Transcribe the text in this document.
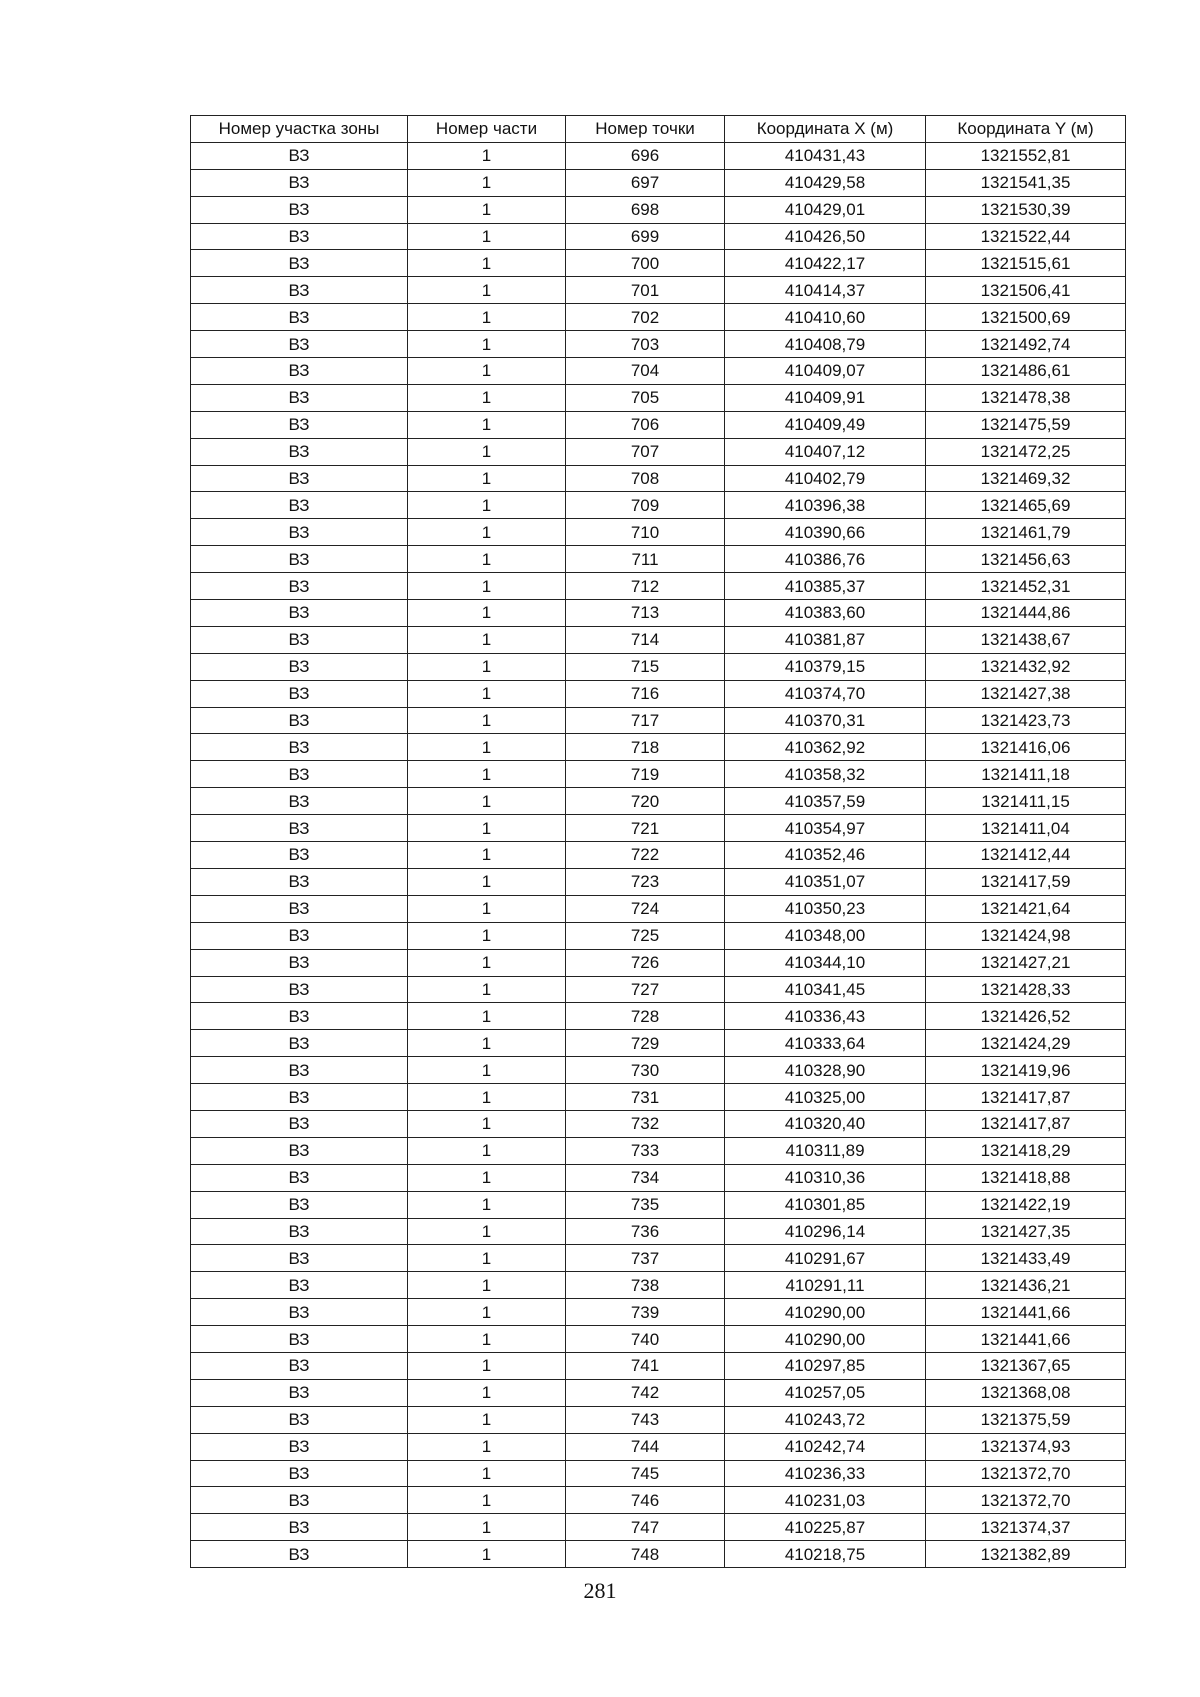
Номер участка зоны	Номер части	Номер точки	Координата X (м)	Координата Y (м)
ВЗ	1	696	410431,43	1321552,81
ВЗ	1	697	410429,58	1321541,35
ВЗ	1	698	410429,01	1321530,39
ВЗ	1	699	410426,50	1321522,44
ВЗ	1	700	410422,17	1321515,61
ВЗ	1	701	410414,37	1321506,41
ВЗ	1	702	410410,60	1321500,69
ВЗ	1	703	410408,79	1321492,74
ВЗ	1	704	410409,07	1321486,61
ВЗ	1	705	410409,91	1321478,38
ВЗ	1	706	410409,49	1321475,59
ВЗ	1	707	410407,12	1321472,25
ВЗ	1	708	410402,79	1321469,32
ВЗ	1	709	410396,38	1321465,69
ВЗ	1	710	410390,66	1321461,79
ВЗ	1	711	410386,76	1321456,63
ВЗ	1	712	410385,37	1321452,31
ВЗ	1	713	410383,60	1321444,86
ВЗ	1	714	410381,87	1321438,67
ВЗ	1	715	410379,15	1321432,92
ВЗ	1	716	410374,70	1321427,38
ВЗ	1	717	410370,31	1321423,73
ВЗ	1	718	410362,92	1321416,06
ВЗ	1	719	410358,32	1321411,18
ВЗ	1	720	410357,59	1321411,15
ВЗ	1	721	410354,97	1321411,04
ВЗ	1	722	410352,46	1321412,44
ВЗ	1	723	410351,07	1321417,59
ВЗ	1	724	410350,23	1321421,64
ВЗ	1	725	410348,00	1321424,98
ВЗ	1	726	410344,10	1321427,21
ВЗ	1	727	410341,45	1321428,33
ВЗ	1	728	410336,43	1321426,52
ВЗ	1	729	410333,64	1321424,29
ВЗ	1	730	410328,90	1321419,96
ВЗ	1	731	410325,00	1321417,87
ВЗ	1	732	410320,40	1321417,87
ВЗ	1	733	410311,89	1321418,29
ВЗ	1	734	410310,36	1321418,88
ВЗ	1	735	410301,85	1321422,19
ВЗ	1	736	410296,14	1321427,35
ВЗ	1	737	410291,67	1321433,49
ВЗ	1	738	410291,11	1321436,21
ВЗ	1	739	410290,00	1321441,66
ВЗ	1	740	410290,00	1321441,66
ВЗ	1	741	410297,85	1321367,65
ВЗ	1	742	410257,05	1321368,08
ВЗ	1	743	410243,72	1321375,59
ВЗ	1	744	410242,74	1321374,93
ВЗ	1	745	410236,33	1321372,70
ВЗ	1	746	410231,03	1321372,70
ВЗ	1	747	410225,87	1321374,37
ВЗ	1	748	410218,75	1321382,89
281
